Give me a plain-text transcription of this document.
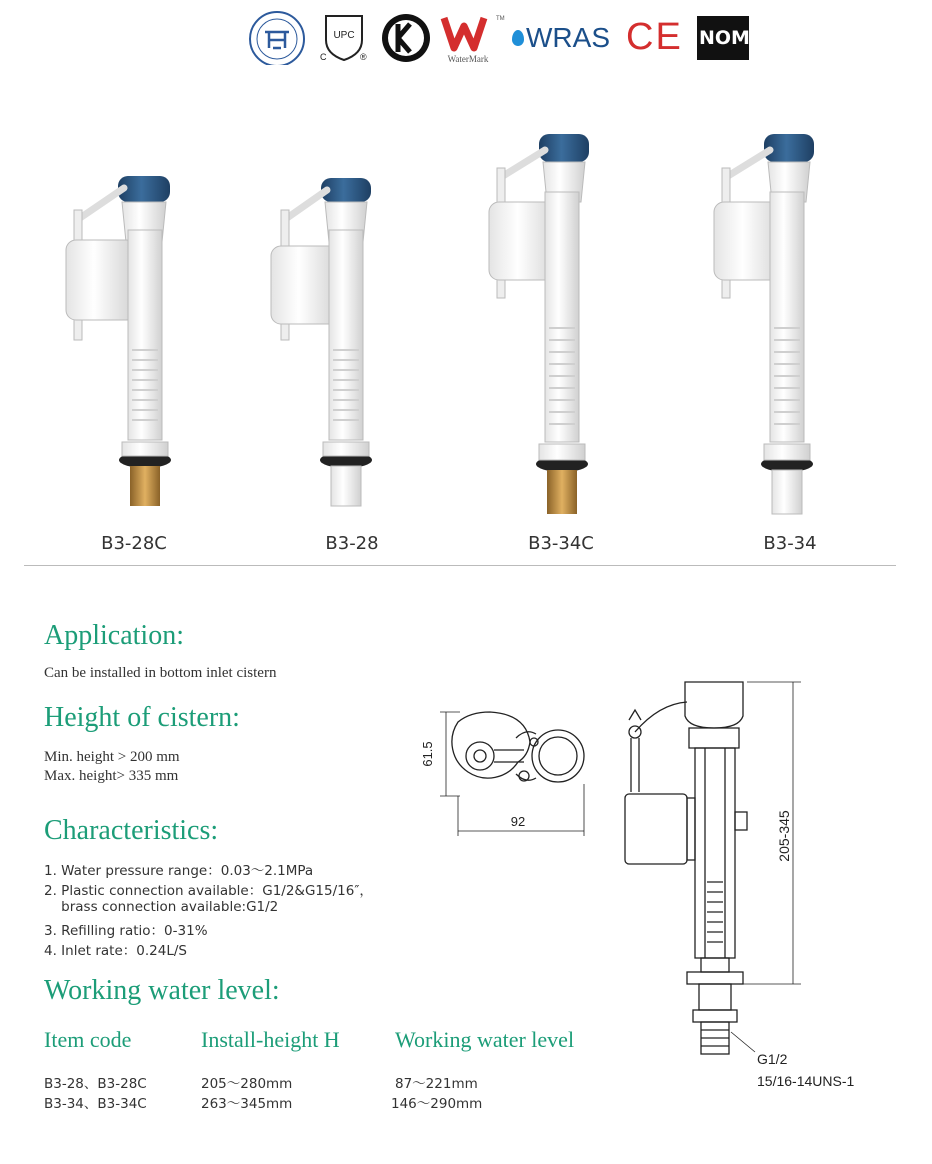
UPC
C	®
TM
WaterMark
WRAS CE NOM
B3-28C	B3-28	B3-34C	B3-34
Application:
Can be installed in bottom inlet cistern
Height of cistern:
Min. height > 200 mm
Max. height> 335 mm
Characteristics:
1. Water pressure range：0.03～2.1MPa
2. Plastic connection available：G1/2&G15/16″，
brass connection available:G1/2
3. Refilling ratio：0-31%
4. Inlet rate：0.24L/S
Working water level:
Item code	Install-height H	Working water level
B3-28、B3-28C	205～280mm	87～221mm
B3-34、B3-34C	263～345mm	146～290mm
61.5
92	205-345
G1/2
15/16-14UNS-1
